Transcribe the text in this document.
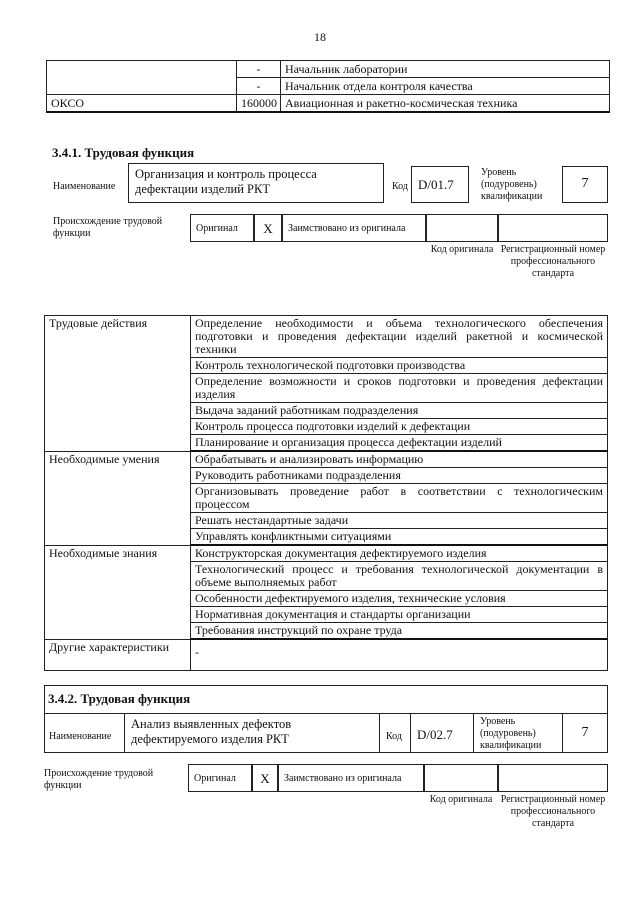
18
	-	Начальник лаборатории
	-	Начальник отдела контроля качества
ОКСО	160000	Авиационная и ракетно-космическая техника
3.4.1. Трудовая функция
Наименование
Организация и контроль процесса дефектации изделий РКТ	Код D/01.7
Уровень (подуровень) квалификации
7
Происхождение трудовой функции	Оригинал	X	Заимствовано из оригинала
Код оригинала Регистрационный номер профессионального стандарта
Трудовые действия	Определение необходимости и объема технологического обеспечения подготовки и проведения дефектации изделий ракетной и космической техники
	Контроль технологической подготовки производства
	Определение возможности и сроков подготовки и проведения дефектации изделия
	Выдача заданий работникам подразделения
	Контроль процесса подготовки изделий к дефектации
	Планирование и организация процесса дефектации изделий
Необходимые умения	Обрабатывать и анализировать информацию
	Руководить работниками подразделения
	Организовывать проведение работ в соответствии с технологическим процессом
	Решать нестандартные задачи
	Управлять конфликтными ситуациями
Необходимые знания	Конструкторская документация дефектируемого изделия
	Технологический процесс и требования технологической документации в объеме выполняемых работ
	Особенности дефектируемого изделия, технические условия
	Нормативная документация и стандарты организации
	Требования инструкций по охране труда
Другие характеристики	-
3.4.2. Трудовая функция
Наименование
Анализ выявленных дефектов дефектируемого изделия РКТ	Код	D/02.7
Уровень (подуровень) квалификации
7
Происхождение трудовой функции
Оригинал	X	Заимствовано из оригинала
Код оригинала Регистрационный номер профессионального стандарта
